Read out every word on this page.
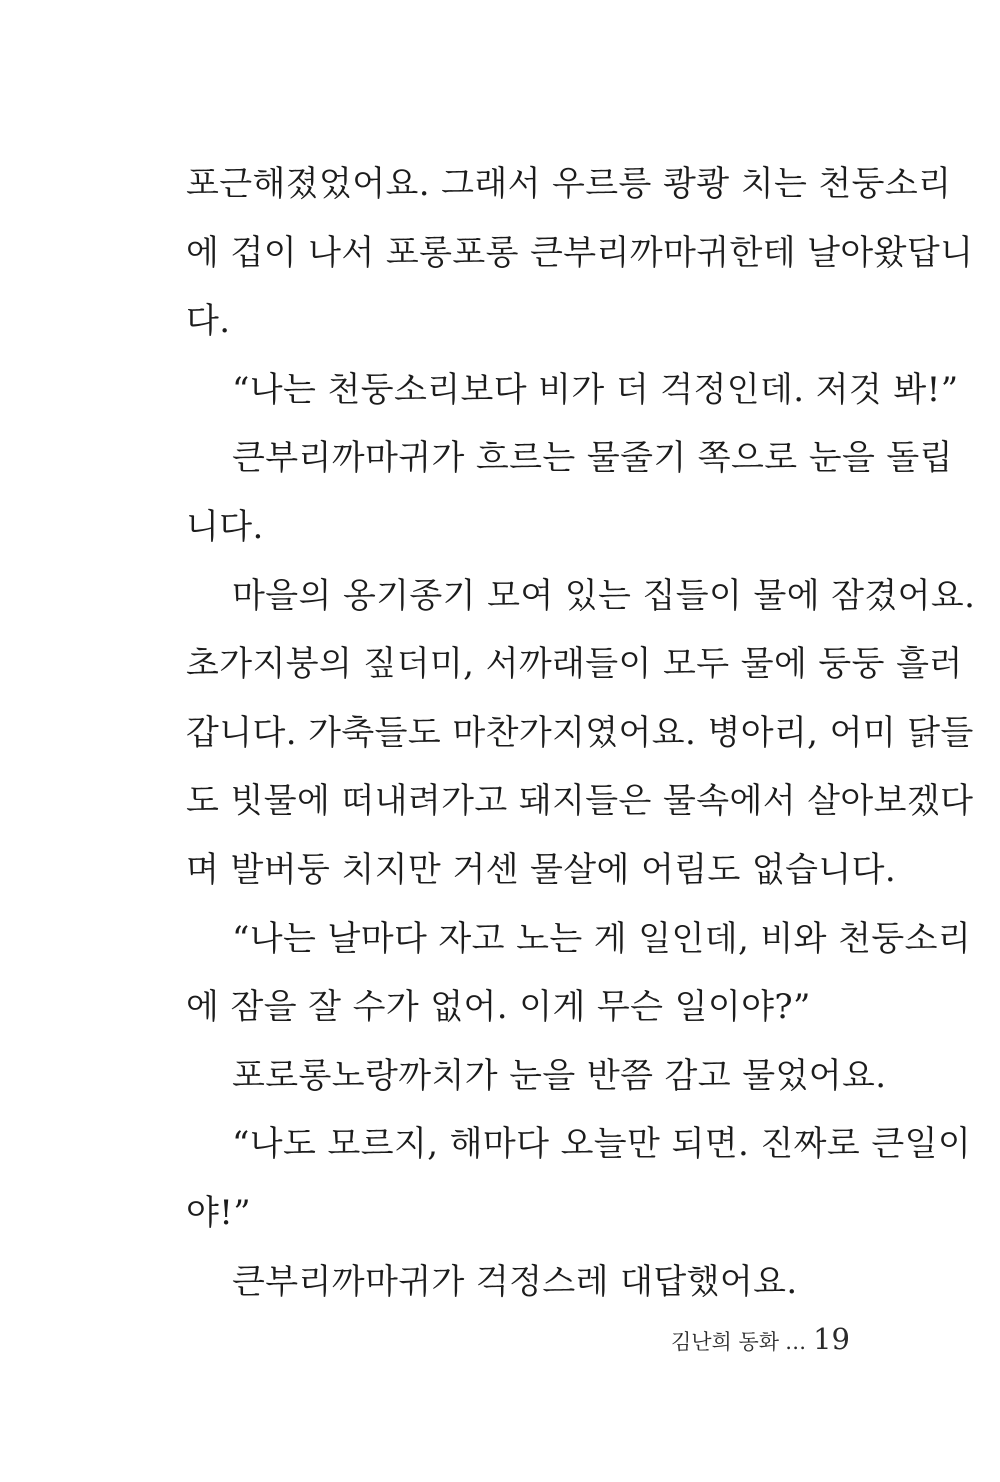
포근해졌었어요. 그래서 우르릉 쾅쾅 치는 천둥소리
에 겁이 나서 포롱포롱 큰부리까마귀한테 날아왔답니
다.
“나는 천둥소리보다 비가 더 걱정인데. 저것 봐!”
큰부리까마귀가 흐르는 물줄기 쪽으로 눈을 돌립
니다.
마을의 옹기종기 모여 있는 집들이 물에 잠겼어요.
초가지붕의 짚더미, 서까래들이 모두 물에 둥둥 흘러
갑니다. 가축들도 마찬가지였어요. 병아리, 어미 닭들
도 빗물에 떠내려가고 돼지들은 물속에서 살아보겠다
며 발버둥 치지만 거센 물살에 어림도 없습니다.
“나는 날마다 자고 노는 게 일인데, 비와 천둥소리
에 잠을 잘 수가 없어. 이게 무슨 일이야?”
포로롱노랑까치가 눈을 반쯤 감고 물었어요.
“나도 모르지, 해마다 오늘만 되면. 진짜로 큰일이
야!”
큰부리까마귀가 걱정스레 대답했어요.
김난희 동화 … 19
